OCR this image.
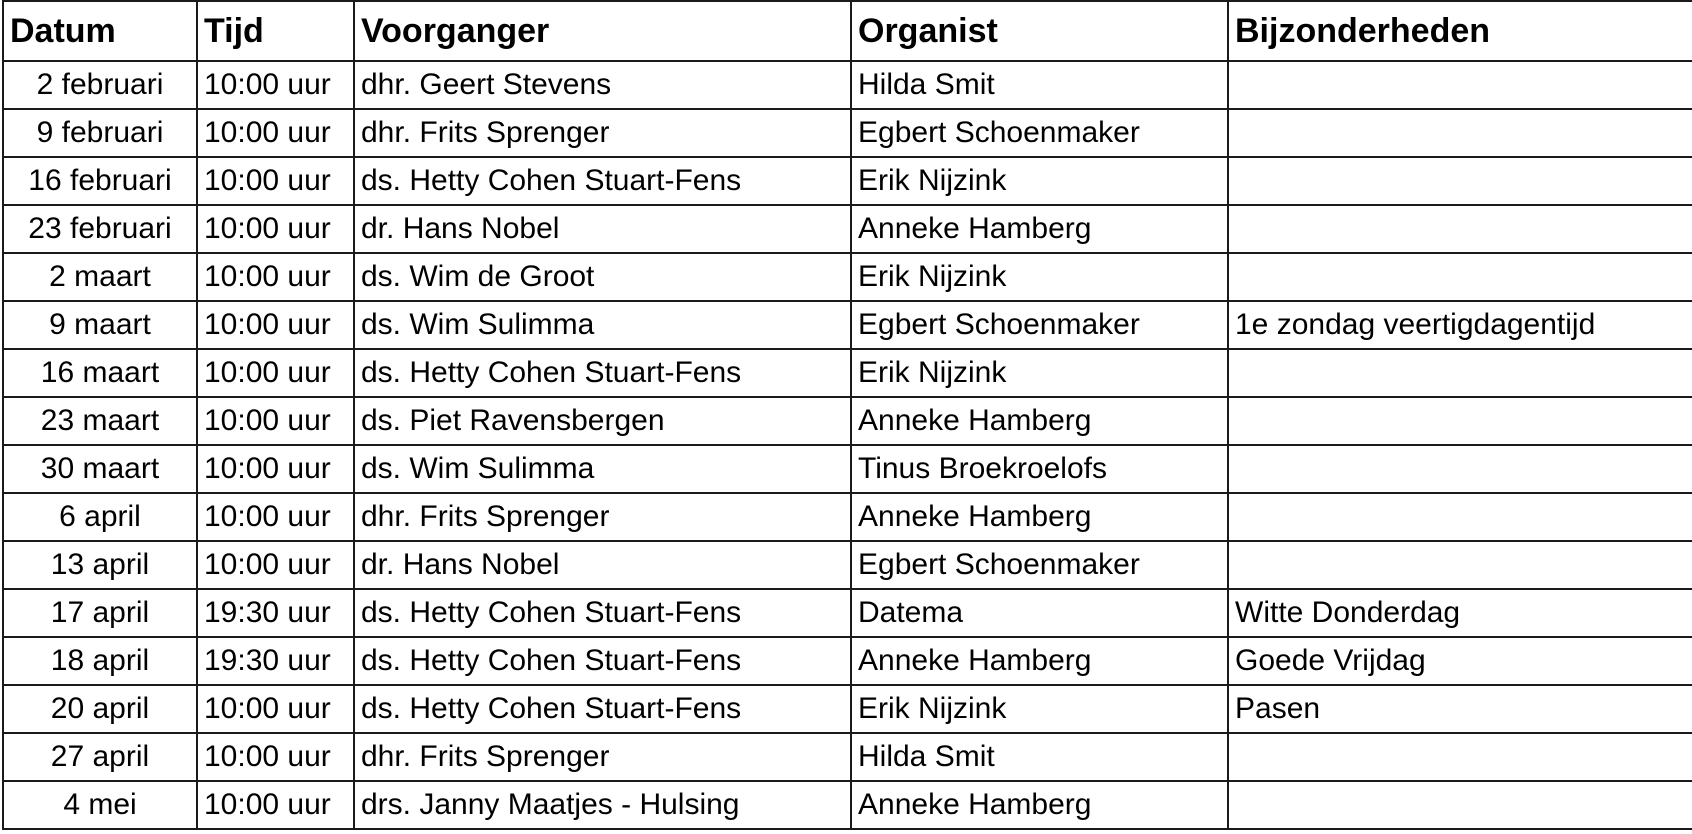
Datum	Tijd	Voorganger	Organist	Bijzonderheden
2 februari	10:00 uur	dhr. Geert Stevens	Hilda Smit	
9 februari	10:00 uur	dhr. Frits Sprenger	Egbert Schoenmaker	
16 februari	10:00 uur	ds. Hetty Cohen Stuart-Fens	Erik Nijzink	
23 februari	10:00 uur	dr. Hans Nobel	Anneke Hamberg	
2 maart	10:00 uur	ds. Wim de Groot	Erik Nijzink	
9 maart	10:00 uur	ds. Wim Sulimma	Egbert Schoenmaker	1e zondag veertigdagentijd
16 maart	10:00 uur	ds. Hetty Cohen Stuart-Fens	Erik Nijzink	
23 maart	10:00 uur	ds. Piet Ravensbergen	Anneke Hamberg	
30 maart	10:00 uur	ds. Wim Sulimma	Tinus Broekroelofs	
6 april	10:00 uur	dhr. Frits Sprenger	Anneke Hamberg	
13 april	10:00 uur	dr. Hans Nobel	Egbert Schoenmaker	
17 april	19:30 uur	ds. Hetty Cohen Stuart-Fens	Datema	Witte Donderdag
18 april	19:30 uur	ds. Hetty Cohen Stuart-Fens	Anneke Hamberg	Goede Vrijdag
20 april	10:00 uur	ds. Hetty Cohen Stuart-Fens	Erik Nijzink	Pasen
27 april	10:00 uur	dhr. Frits Sprenger	Hilda Smit	
4 mei	10:00 uur	drs. Janny Maatjes - Hulsing	Anneke Hamberg	
